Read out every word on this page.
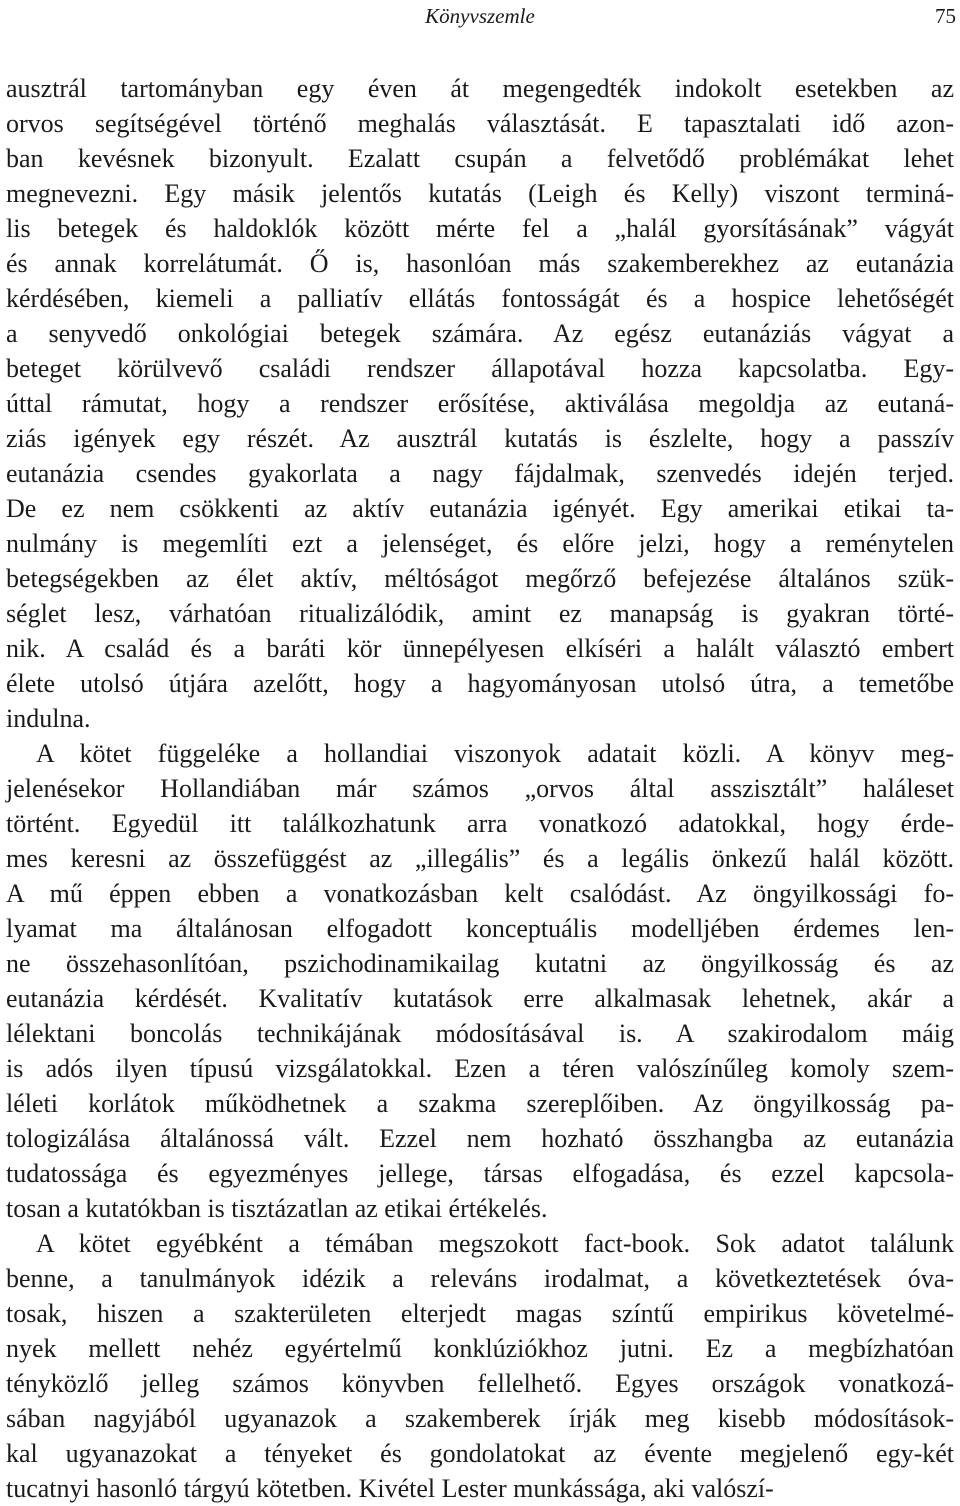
Könyvszemle	75

ausztrál tartományban egy éven át megengedték indokolt esetekben az
orvos segítségével történő meghalás választását. E tapasztalati idő azon-
ban kevésnek bizonyult. Ezalatt csupán a felvetődő problémákat lehet
megnevezni. Egy másik jelentős kutatás (Leigh és Kelly) viszont terminá-
lis betegek és haldoklók között mérte fel a „halál gyorsításának” vágyát
és annak korrelátumát. Ő is, hasonlóan más szakemberekhez az eutanázia
kérdésében, kiemeli a palliatív ellátás fontosságát és a hospice lehetőségét
a senyvedő onkológiai betegek számára. Az egész eutanáziás vágyat a
beteget körülvevő családi rendszer állapotával hozza kapcsolatba. Egy-
úttal rámutat, hogy a rendszer erősítése, aktiválása megoldja az eutaná-
ziás igények egy részét. Az ausztrál kutatás is észlelte, hogy a passzív
eutanázia csendes gyakorlata a nagy fájdalmak, szenvedés idején terjed.
De ez nem csökkenti az aktív eutanázia igényét. Egy amerikai etikai ta-
nulmány is megemlíti ezt a jelenséget, és előre jelzi, hogy a reménytelen
betegségekben az élet aktív, méltóságot megőrző befejezése általános szük-
séglet lesz, várhatóan ritualizálódik, amint ez manapság is gyakran törté-
nik. A család és a baráti kör ünnepélyesen elkíséri a halált választó embert
élete utolsó útjára azelőtt, hogy a hagyományosan utolsó útra, a temetőbe
indulna.

A kötet függeléke a hollandiai viszonyok adatait közli. A könyv meg-
jelenésekor Hollandiában már számos „orvos által asszisztált” haláleset
történt. Egyedül itt találkozhatunk arra vonatkozó adatokkal, hogy érde-
mes keresni az összefüggést az „illegális” és a legális önkezű halál között.
A mű éppen ebben a vonatkozásban kelt csalódást. Az öngyilkossági fo-
lyamat ma általánosan elfogadott konceptuális modelljében érdemes len-
ne összehasonlítóan, pszichodinamikailag kutatni az öngyilkosság és az
eutanázia kérdését. Kvalitatív kutatások erre alkalmasak lehetnek, akár a
lélektani boncolás technikájának módosításával is. A szakirodalom máig
is adós ilyen típusú vizsgálatokkal. Ezen a téren valószínűleg komoly szem-
léleti korlátok működhetnek a szakma szereplőiben. Az öngyilkosság pa-
tologizálása általánossá vált. Ezzel nem hozható összhangba az eutanázia
tudatossága és egyezményes jellege, társas elfogadása, és ezzel kapcsola-
tosan a kutatókban is tisztázatlan az etikai értékelés.

A kötet egyébként a témában megszokott fact-book. Sok adatot találunk
benne, a tanulmányok idézik a releváns irodalmat, a következtetések óva-
tosak, hiszen a szakterületen elterjedt magas színtű empirikus követelmé-
nyek mellett nehéz egyértelmű konklúziókhoz jutni. Ez a megbízhatóan
tényközlő jelleg számos könyvben fellelhető. Egyes országok vonatkozá-
sában nagyjából ugyanazok a szakemberek írják meg kisebb módosítások-
kal ugyanazokat a tényeket és gondolatokat az évente megjelenő egy-két
tucatnyi hasonló tárgyú kötetben. Kivétel Lester munkássága, aki valószí-
